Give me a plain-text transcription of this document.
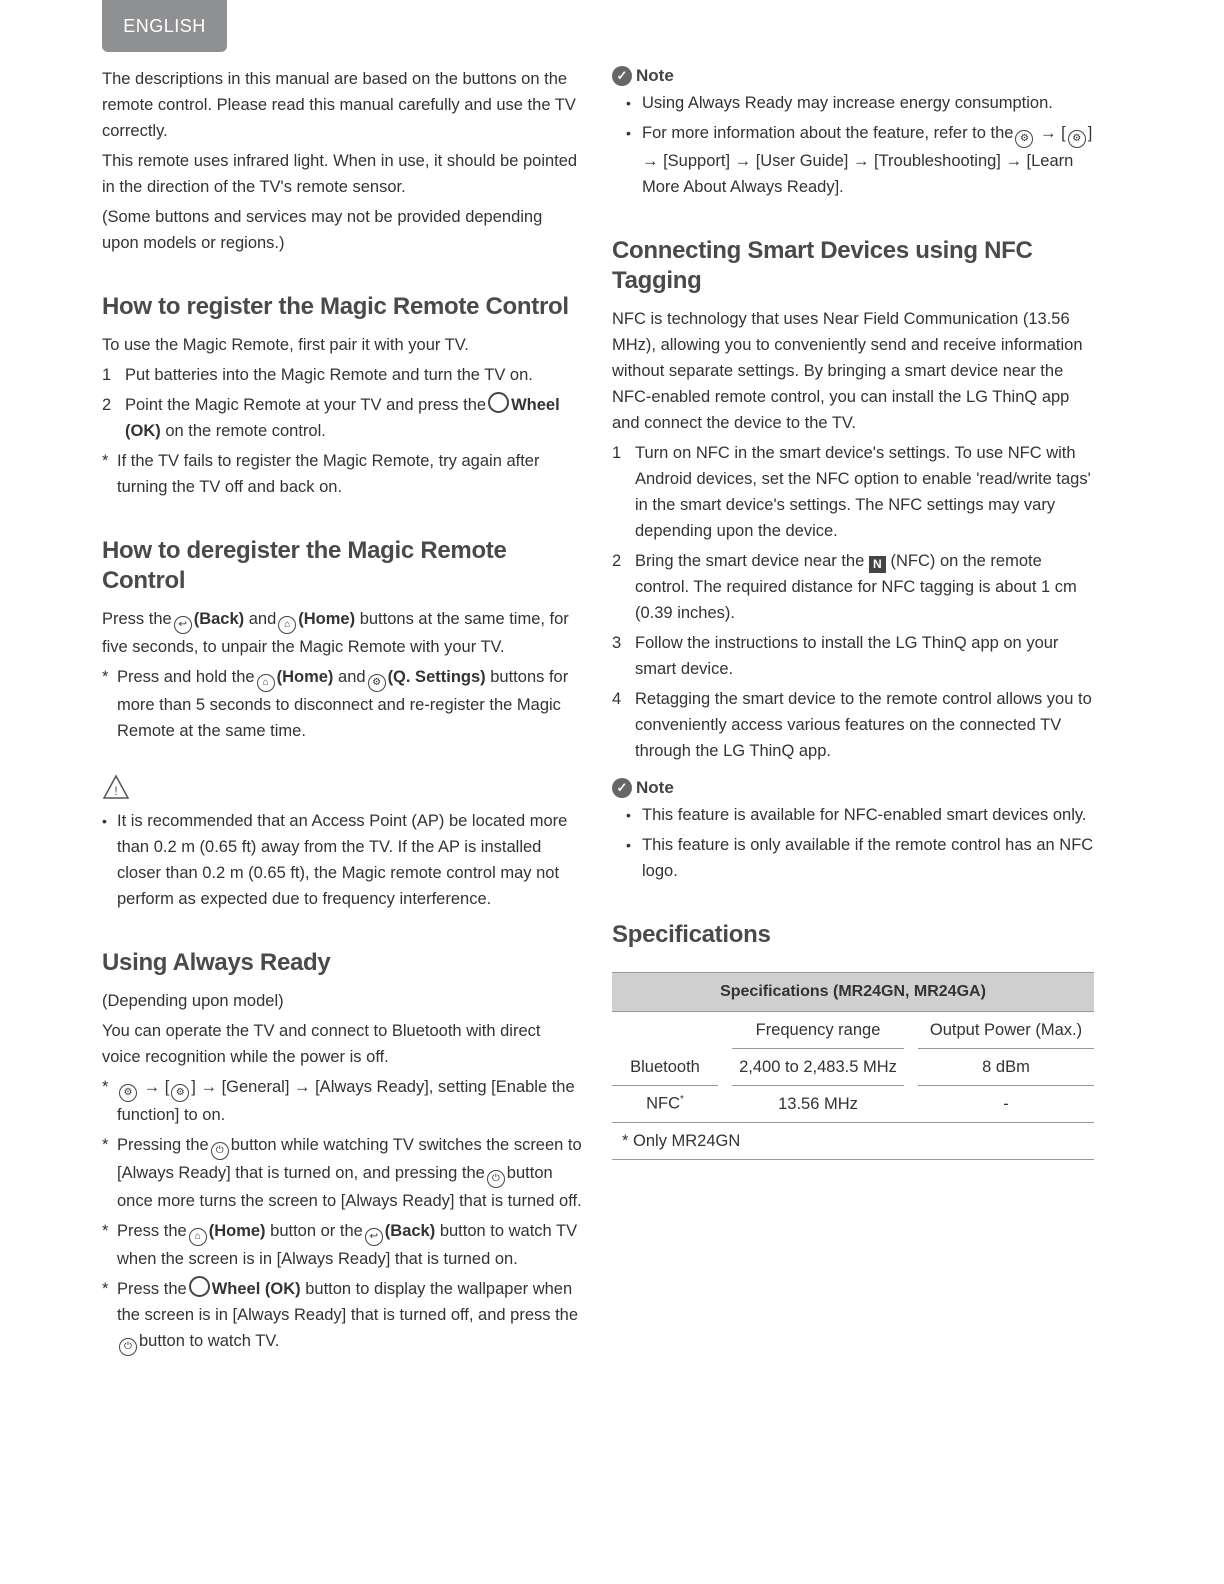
ENGLISH

The descriptions in this manual are based on the buttons on the remote control. Please read this manual carefully and use the TV correctly.

This remote uses infrared light. When in use, it should be pointed in the direction of the TV's remote sensor.

(Some buttons and services may not be provided depending upon models or regions.)

How to register the Magic Remote Control

To use the Magic Remote, first pair it with your TV.

1 Put batteries into the Magic Remote and turn the TV on.
2 Point the Magic Remote at your TV and press the Wheel (OK) on the remote control.
* If the TV fails to register the Magic Remote, try again after turning the TV off and back on.
How to deregister the Magic Remote Control

Press the ↩ (Back) and ⌂ (Home) buttons at the same time, for five seconds, to unpair the Magic Remote with your TV.

* Press and hold the ⌂ (Home) and ⚙ (Q. Settings) buttons for more than 5 seconds to disconnect and re-register the Magic Remote at the same time.
!
• It is recommended that an Access Point (AP) be located more than 0.2 m (0.65 ft) away from the TV. If the AP is installed closer than 0.2 m (0.65 ft), the Magic remote control may not perform as expected due to frequency interference.
Using Always Ready

(Depending upon model)

You can operate the TV and connect to Bluetooth with direct voice recognition while the power is off.

*	⚙ → [ ⚙ ] → [General] → [Always Ready], setting [Enable the function] to on.
* Pressing the ⏻ button while watching TV switches the screen to [Always Ready] that is turned on, and pressing the ⏻ button once more turns the screen to [Always Ready] that is turned off.
* Press the ⌂ (Home) button or the ↩ (Back) button to watch TV when the screen is in [Always Ready] that is turned on.
* Press the Wheel (OK) button to display the wallpaper when the screen is in [Always Ready] that is turned off, and press the⏻ button to watch TV.
✓ Note
• Using Always Ready may increase energy consumption.
• For more information about the feature, refer to the ⚙ → [ ⚙ ] → [Support] → [User Guide] → [Troubleshooting] → [Learn More About Always Ready].
Connecting Smart Devices using NFC Tagging

NFC is technology that uses Near Field Communication (13.56 MHz), allowing you to conveniently send and receive information without separate settings. By bringing a smart device near the NFC-enabled remote control, you can install the LG ThinQ app and connect the device to the TV.

1 Turn on NFC in the smart device's settings. To use NFC with Android devices, set the NFC option to enable 'read/write tags' in the smart device's settings. The NFC settings may vary depending upon the device.
2 Bring the smart device near the N (NFC) on the remote control. The required distance for NFC tagging is about 1 cm (0.39 inches).
3 Follow the instructions to install the LG ThinQ app on your smart device.
4 Retagging the smart device to the remote control allows you to conveniently access various features on the connected TV through the LG ThinQ app.
✓ Note
• This feature is available for NFC-enabled smart devices only.
• This feature is only available if the remote control has an NFC logo.
Specifications
Specifications (MR24GN, MR24GA)				
		Frequency range		Output Power (Max.)
Bluetooth		2,400 to 2,483.5 MHz		8 dBm
NFC*		13.56 MHz		-
* Only MR24GN				
